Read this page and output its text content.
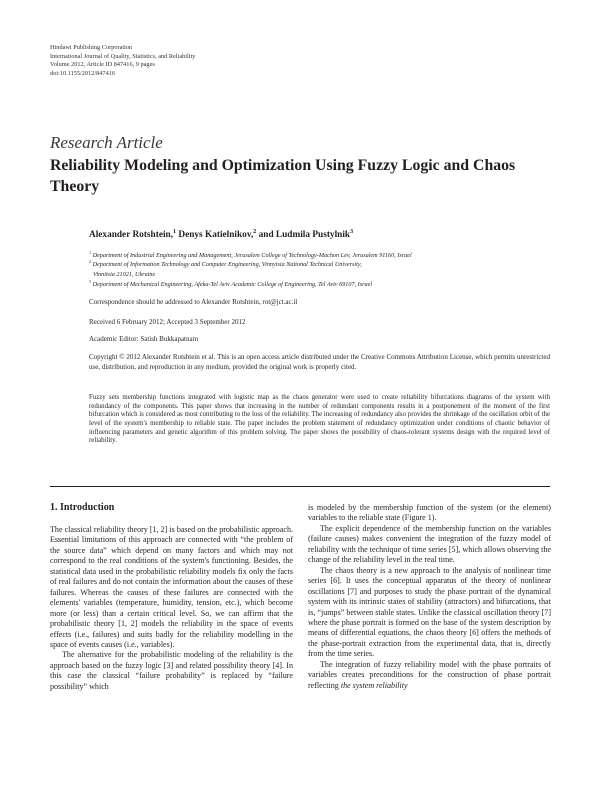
Hindawi Publishing Corporation
International Journal of Quality, Statistics, and Reliability
Volume 2012, Article ID 847416, 9 pages
doi:10.1155/2012/847416
Research Article
Reliability Modeling and Optimization Using Fuzzy Logic and Chaos Theory
Alexander Rotshtein,$^1$ Denys Katielnikov,$^2$ and Ludmila Pustylnik$^3$
$^1$ Department of Industrial Engineering and Management, Jerusalem College of Technology-Machon Lev, Jerusalem 91160, Israel
$^2$ Department of Information Technology and Computer Engineering, Vinnytsia National Technical University,
Vinnitsia 21021, Ukraine
$^3$ Department of Mechanical Engineering, Afeka-Tel Aviv Academic College of Engineering, Tel Aviv 69107, Israel
Correspondence should be addressed to Alexander Rotshtein, rot@jct.ac.il
Received 6 February 2012; Accepted 3 September 2012
Academic Editor: Satish Bukkapatnam
Copyright © 2012 Alexander Rotshtein et al. This is an open access article distributed under the Creative Commons Attribution License, which permits unrestricted use, distribution, and reproduction in any medium, provided the original work is properly cited.
Fuzzy sets membership functions integrated with logistic map as the chaos generator were used to create reliability bifurcations diagrams of the system with redundancy of the components. This paper shows that increasing in the number of redundant components results in a postponement of the moment of the first bifurcation which is considered as most contributing to the loss of the reliability. The increasing of redundancy also provides the shrinkage of the oscillation orbit of the level of the system's membership to reliable state. The paper includes the problem statement of redundancy optimization under conditions of chaotic behavior of influencing parameters and genetic algorithm of this problem solving. The paper shows the possibility of chaos-tolerant systems design with the required level of reliability.
1. Introduction

The classical reliability theory [1, 2] is based on the probabilistic approach. Essential limitations of this approach are connected with “the problem of the source data” which depend on many factors and which may not correspond to the real conditions of the system's functioning. Besides, the statistical data used in the probabilistic reliability models fix only the facts of real failures and do not contain the information about the causes of these failures. Whereas the causes of these failures are connected with the elements' variables (temperature, humidity, tension, etc.), which become more (or less) than a certain critical level. So, we can affirm that the probabilistic theory [1, 2] models the reliability in the space of events effects (i.e., failures) and suits badly for the reliability modelling in the space of events causes (i.e., variables).

The alternative for the probabilistic modeling of the reliability is the approach based on the fuzzy logic [3] and related possibility theory [4]. In this case the classical “failure probability” is replaced by “failure possibility” which

is modeled by the membership function of the system (or the element) variables to the reliable state (Figure 1).

The explicit dependence of the membership function on the variables (failure causes) makes convenient the integration of the fuzzy model of reliability with the technique of time series [5], which allows observing the change of the reliability level in the real time.

The chaos theory is a new approach to the analysis of nonlinear time series [6]. It uses the conceptual apparatus of the theory of nonlinear oscillations [7] and purposes to study the phase portrait of the dynamical system with its intrinsic states of stability (attractors) and bifurcations, that is, “jumps” between stable states. Unlike the classical oscillation theory [7] where the phase portrait is formed on the base of the system description by means of differential equations, the chaos theory [6] offers the methods of the phase-portrait extraction from the experimental data, that is, directly from the time series.

The integration of fuzzy reliability model with the phase portraits of variables creates preconditions for the construction of phase portrait reflecting the system reliability
